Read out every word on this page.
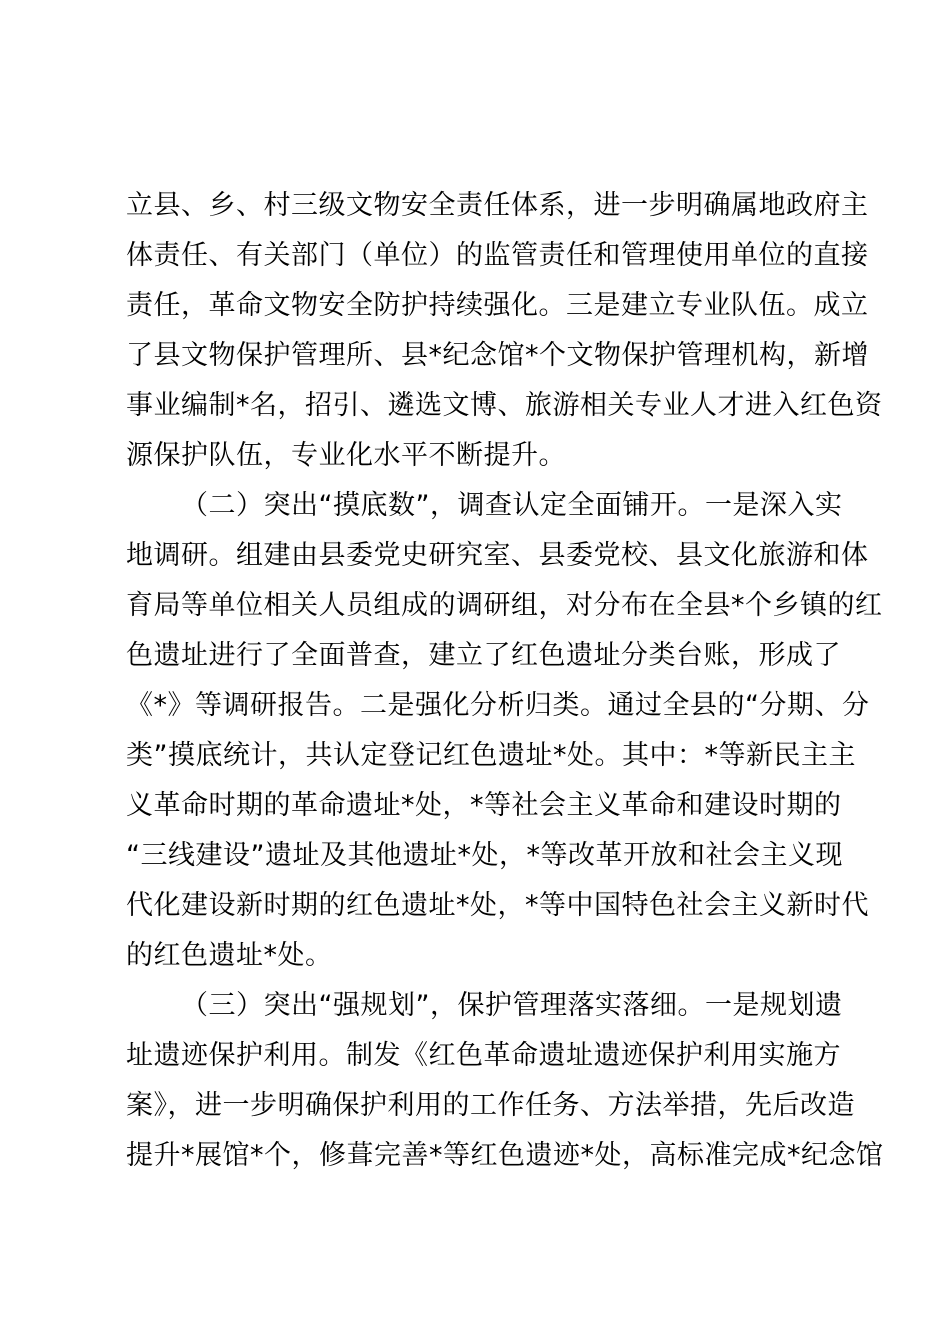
立县、乡、村三级文物安全责任体系，进一步明确属地政府主
体责任、有关部门（单位）的监管责任和管理使用单位的直接
责任，革命文物安全防护持续强化。三是建立专业队伍。成立
了县文物保护管理所、县*纪念馆*个文物保护管理机构，新增
事业编制*名，招引、遴选文博、旅游相关专业人才进入红色资
源保护队伍，专业化水平不断提升。
（二）突出“摸底数”，调查认定全面铺开。一是深入实
地调研。组建由县委党史研究室、县委党校、县文化旅游和体
育局等单位相关人员组成的调研组，对分布在全县*个乡镇的红
色遗址进行了全面普查，建立了红色遗址分类台账，形成了
《*》等调研报告。二是强化分析归类。通过全县的“分期、分
类”摸底统计，共认定登记红色遗址*处。其中：*等新民主主
义革命时期的革命遗址*处，*等社会主义革命和建设时期的
“三线建设”遗址及其他遗址*处，*等改革开放和社会主义现
代化建设新时期的红色遗址*处，*等中国特色社会主义新时代
的红色遗址*处。
（三）突出“强规划”，保护管理落实落细。一是规划遗
址遗迹保护利用。制发《红色革命遗址遗迹保护利用实施方
案》，进一步明确保护利用的工作任务、方法举措，先后改造
提升*展馆*个，修葺完善*等红色遗迹*处，高标准完成*纪念馆
